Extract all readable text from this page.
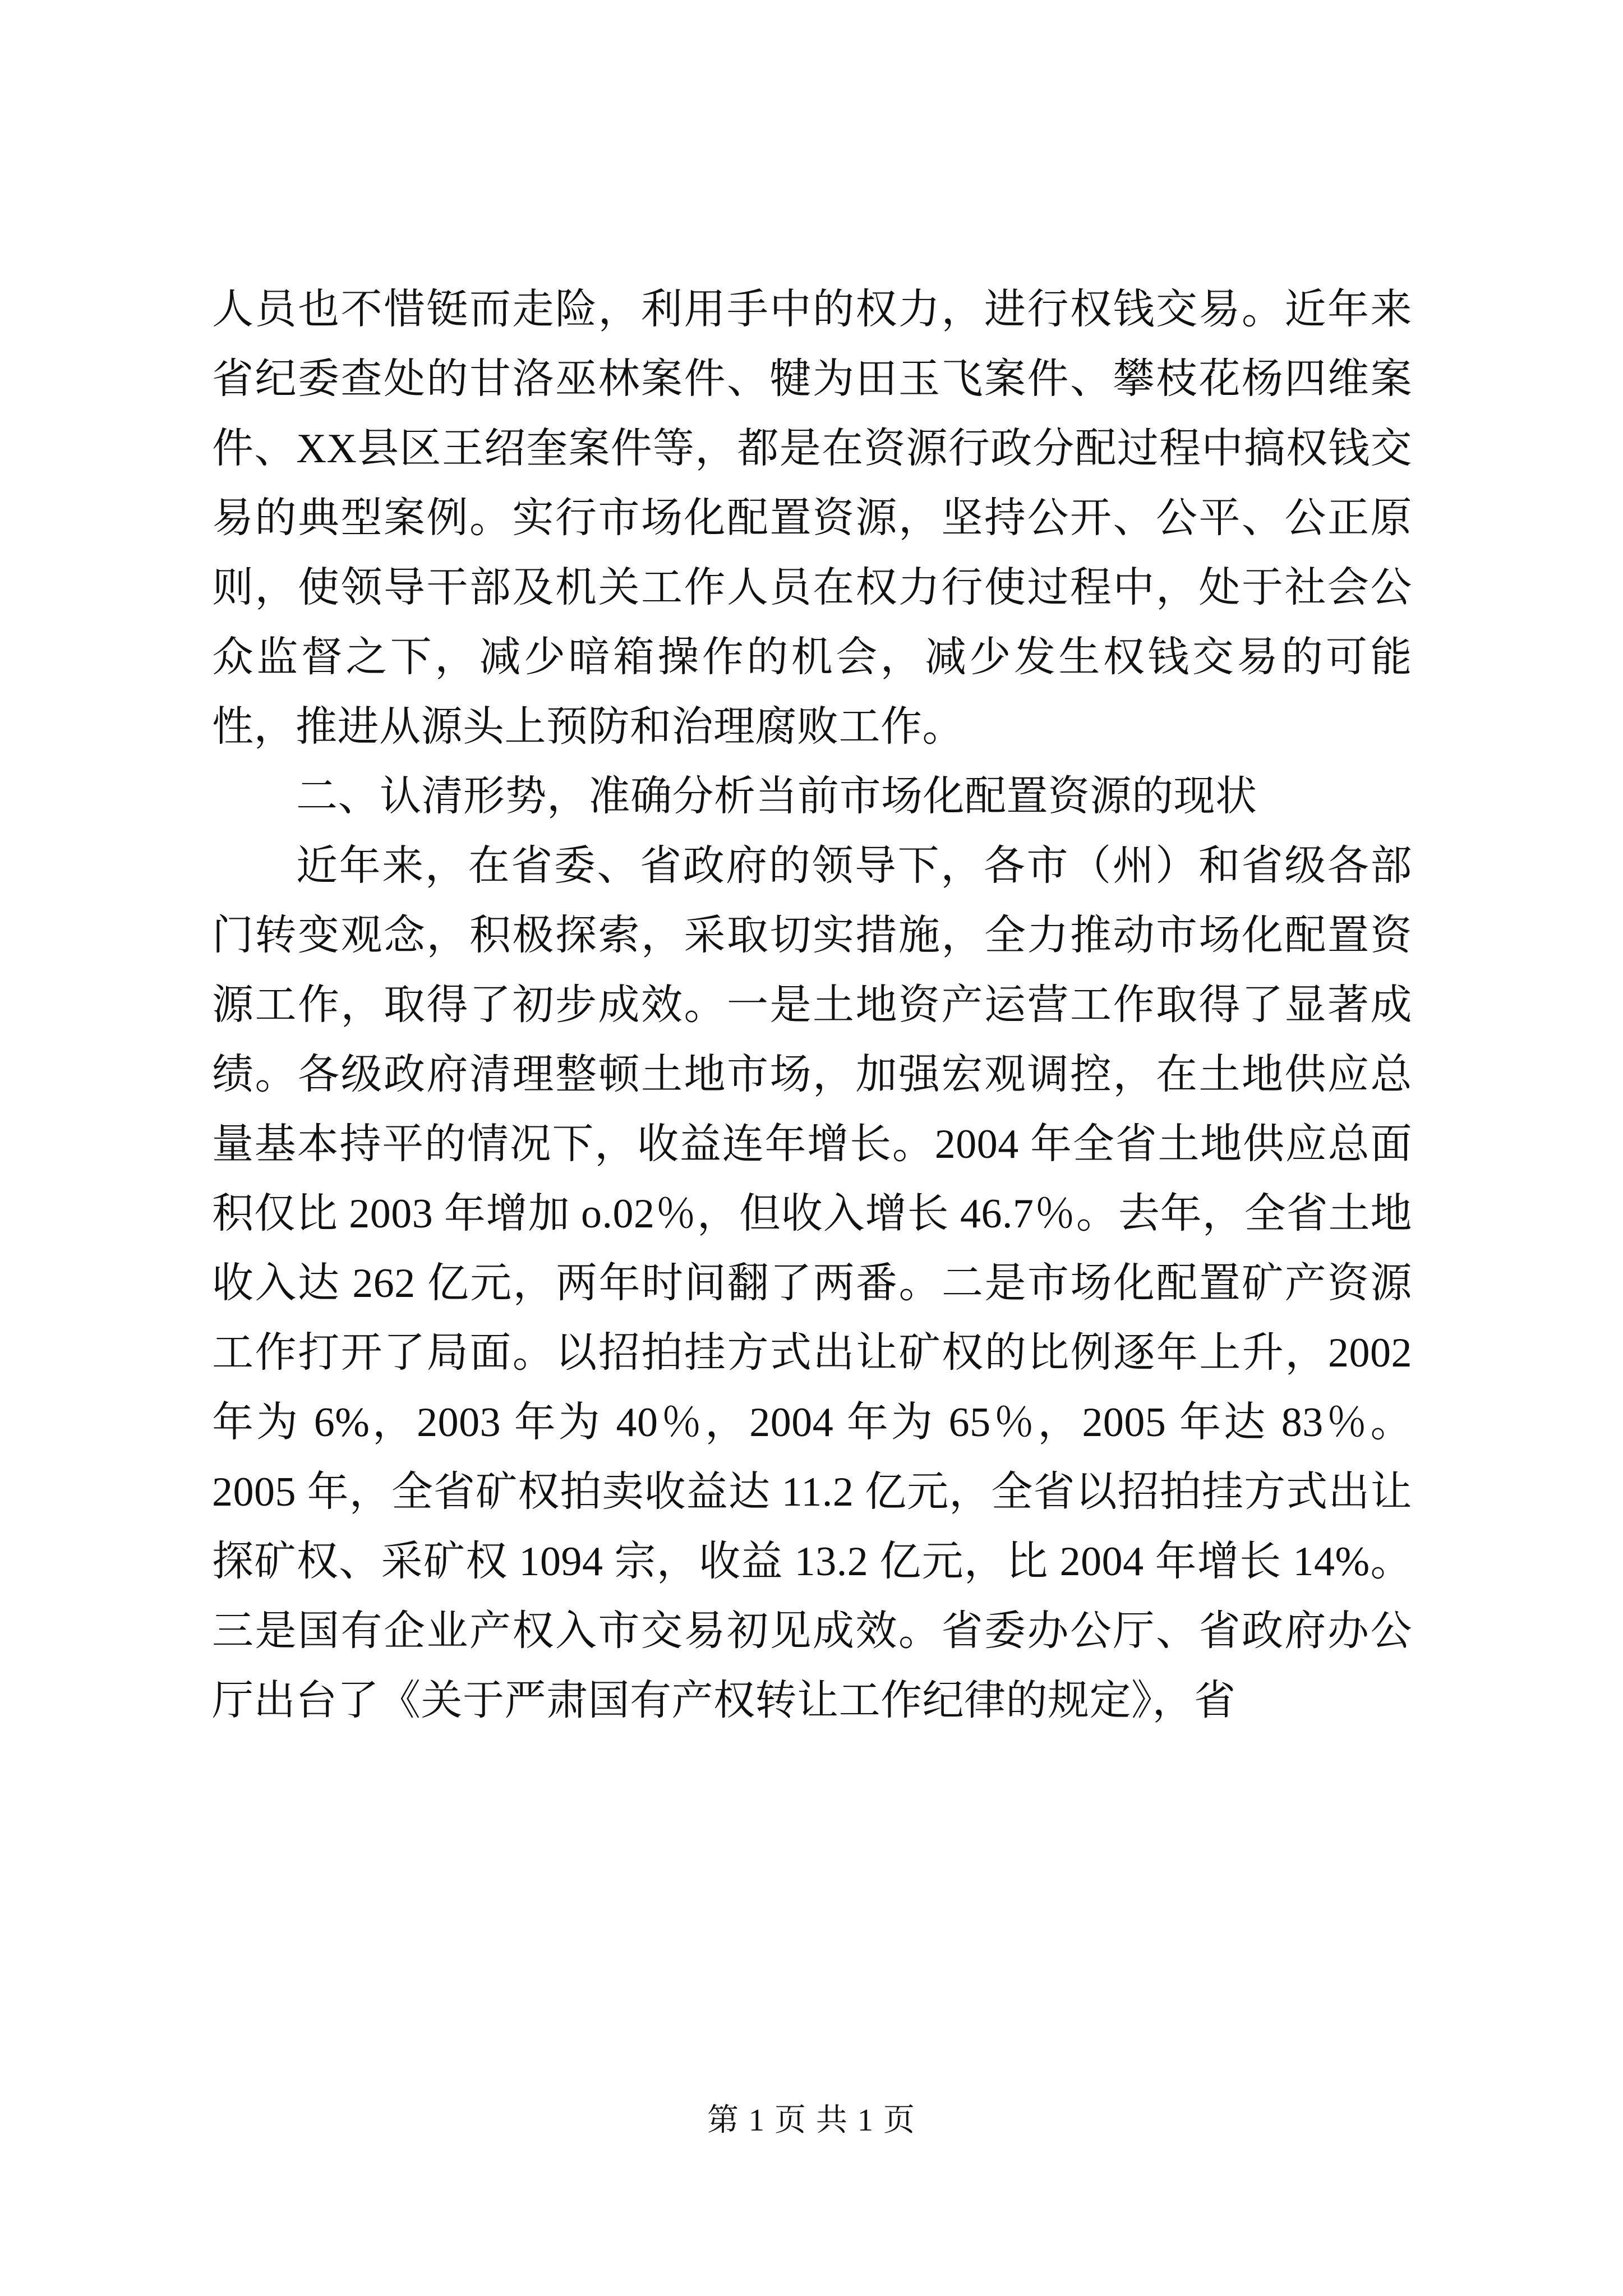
人员也不惜铤而走险，利用手中的权力，进行权钱交易。近年来省纪委查处的甘洛巫林案件、犍为田玉飞案件、攀枝花杨四维案件、XX县区王绍奎案件等，都是在资源行政分配过程中搞权钱交易的典型案例。实行市场化配置资源，坚持公开、公平、公正原则，使领导干部及机关工作人员在权力行使过程中，处于社会公众监督之下，减少暗箱操作的机会，减少发生权钱交易的可能性，推进从源头上预防和治理腐败工作。

二、认清形势，准确分析当前市场化配置资源的现状

近年来，在省委、省政府的领导下，各市（州）和省级各部门转变观念，积极探索，采取切实措施，全力推动市场化配置资源工作，取得了初步成效。一是土地资产运营工作取得了显著成绩。各级政府清理整顿土地市场，加强宏观调控，在土地供应总量基本持平的情况下，收益连年增长。2004 年全省土地供应总面积仅比 2003 年增加 o.02％，但收入增长 46.7％。去年，全省土地收入达 262 亿元，两年时间翻了两番。二是市场化配置矿产资源工作打开了局面。以招拍挂方式出让矿权的比例逐年上升，2002 年为 6%，2003 年为 40％，2004 年为 65％，2005 年达 83％。2005 年，全省矿权拍卖收益达 11.2 亿元，全省以招拍挂方式出让探矿权、采矿权 1094 宗，收益 13.2 亿元，比 2004 年增长 14%。三是国有企业产权入市交易初见成效。省委办公厅、省政府办公厅出台了《关于严肃国有产权转让工作纪律的规定》，省

第 1 页 共 1 页
